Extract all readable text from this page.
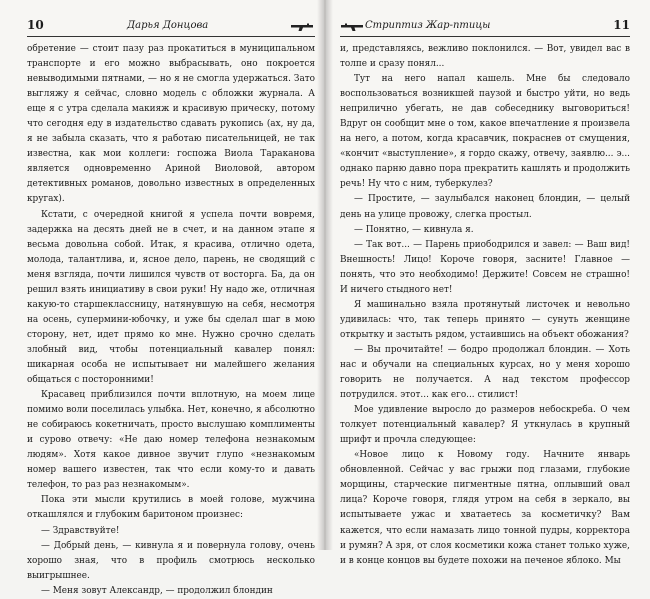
10	Дарья Донцова

обретение — стоит пазу раз прокатиться в муниципальном транспорте и его можно выбрасывать, оно покроется невыводимыми пятнами, — но я не смогла удержаться. Зато выгляжу я сейчас, словно модель с обложки журнала. А еще я с утра сделала макияж и красивую прическу, потому что сегодня еду в издательство сдавать рукопись (ах, ну да, я не забыла сказать, что я работаю писательницей, не так известна, как мои коллеги: госпожа Виола Тараканова является одновременно Ариной Виоловой, автором детективных романов, довольно известных в определенных кругах).

Кстати, с очередной книгой я успела почти вовремя, задержка на десять дней не в счет, и на данном этапе я весьма довольна собой. Итак, я красива, отлично одета, молода, талантлива, и, ясное дело, парень, не сводящий с меня взгляда, почти лишился чувств от восторга. Ба, да он решил взять инициативу в свои руки! Ну надо же, отличная какую-то старшеклассницу, натянувшую на себя, несмотря на осень, супермини-юбочку, и уже бы сделал шаг в мою сторону, нет, идет прямо ко мне. Нужно срочно сделать злобный вид, чтобы потенциальный кавалер понял: шикарная особа не испытывает ни малейшего желания общаться с посторонними!

Красавец приблизился почти вплотную, на моем лице помимо воли поселилась улыбка. Нет, конечно, я абсолютно не собираюсь кокетничать, просто выслушаю комплименты и сурово отвечу: «Не даю номер телефона незнакомым людям». Хотя какое дивное звучит глупо «незнакомым номер вашего известен, так что если кому-то и давать телефон, то раз раз незнакомым».

Пока эти мысли крутились в моей голове, мужчина откашлялся и глубоким баритоном произнес:

— Здравствуйте!

— Добрый день, — кивнула я и повернула голову, очень хорошо зная, что в профиль смотрюсь несколько выигрышнее.

— Меня зовут Александр, — продолжил блондин

Стриптиз Жар-птицы	11

и, представляясь, вежливо поклонился. — Вот, увидел вас в толпе и сразу понял...

Тут на него напал кашель. Мне бы следовало воспользоваться возникшей паузой и быстро уйти, но ведь неприлично убегать, не дав собеседнику выговориться! Вдруг он сообщит мне о том, какое впечатление я произвела на него, а потом, когда красавчик, покраснев от смущения, «кончит «выступление», я гордо скажу, отвечу, заявлю... э... однако парню давно пора прекратить кашлять и продолжить речь! Ну что с ним, туберкулез?

— Простите, — заулыбался наконец блондин, — целый день на улице провожу, слегка простыл.

— Понятно, — кивнула я.

— Так вот... — Парень приободрился и завел: — Ваш вид! Внешность! Лицо! Короче говоря, засните! Главное — понять, что это необходимо! Держите! Совсем не страшно! И ничего стыдного нет!

Я машинально взяла протянутый листочек и невольно удивилась: что, так теперь принято — сунуть женщине открытку и застыть рядом, устаившись на объект обожания?

— Вы прочитайте! — бодро продолжал блондин. — Хоть нас и обучали на специальных курсах, но у меня хорошо говорить не получается. А над текстом профессор потрудился. этот... как его... стилист!

Мое удивление выросло до размеров небоскреба. О чем толкует потенциальный кавалер? Я уткнулась в крупный шрифт и прочла следующее:

«Новое лицо к Новому году. Начните январь обновленной. Сейчас у вас грыжи под глазами, глубокие морщины, старческие пигментные пятна, оплывший овал лица? Короче говоря, глядя утром на себя в зеркало, вы испытываете ужас и хватаетесь за косметичку? Вам кажется, что если намазать лицо тонной пудры, корректора и румян? А зря, от слоя косметики кожа станет только хуже, и в конце концов вы будете похожи на печеное яблоко. Мы
